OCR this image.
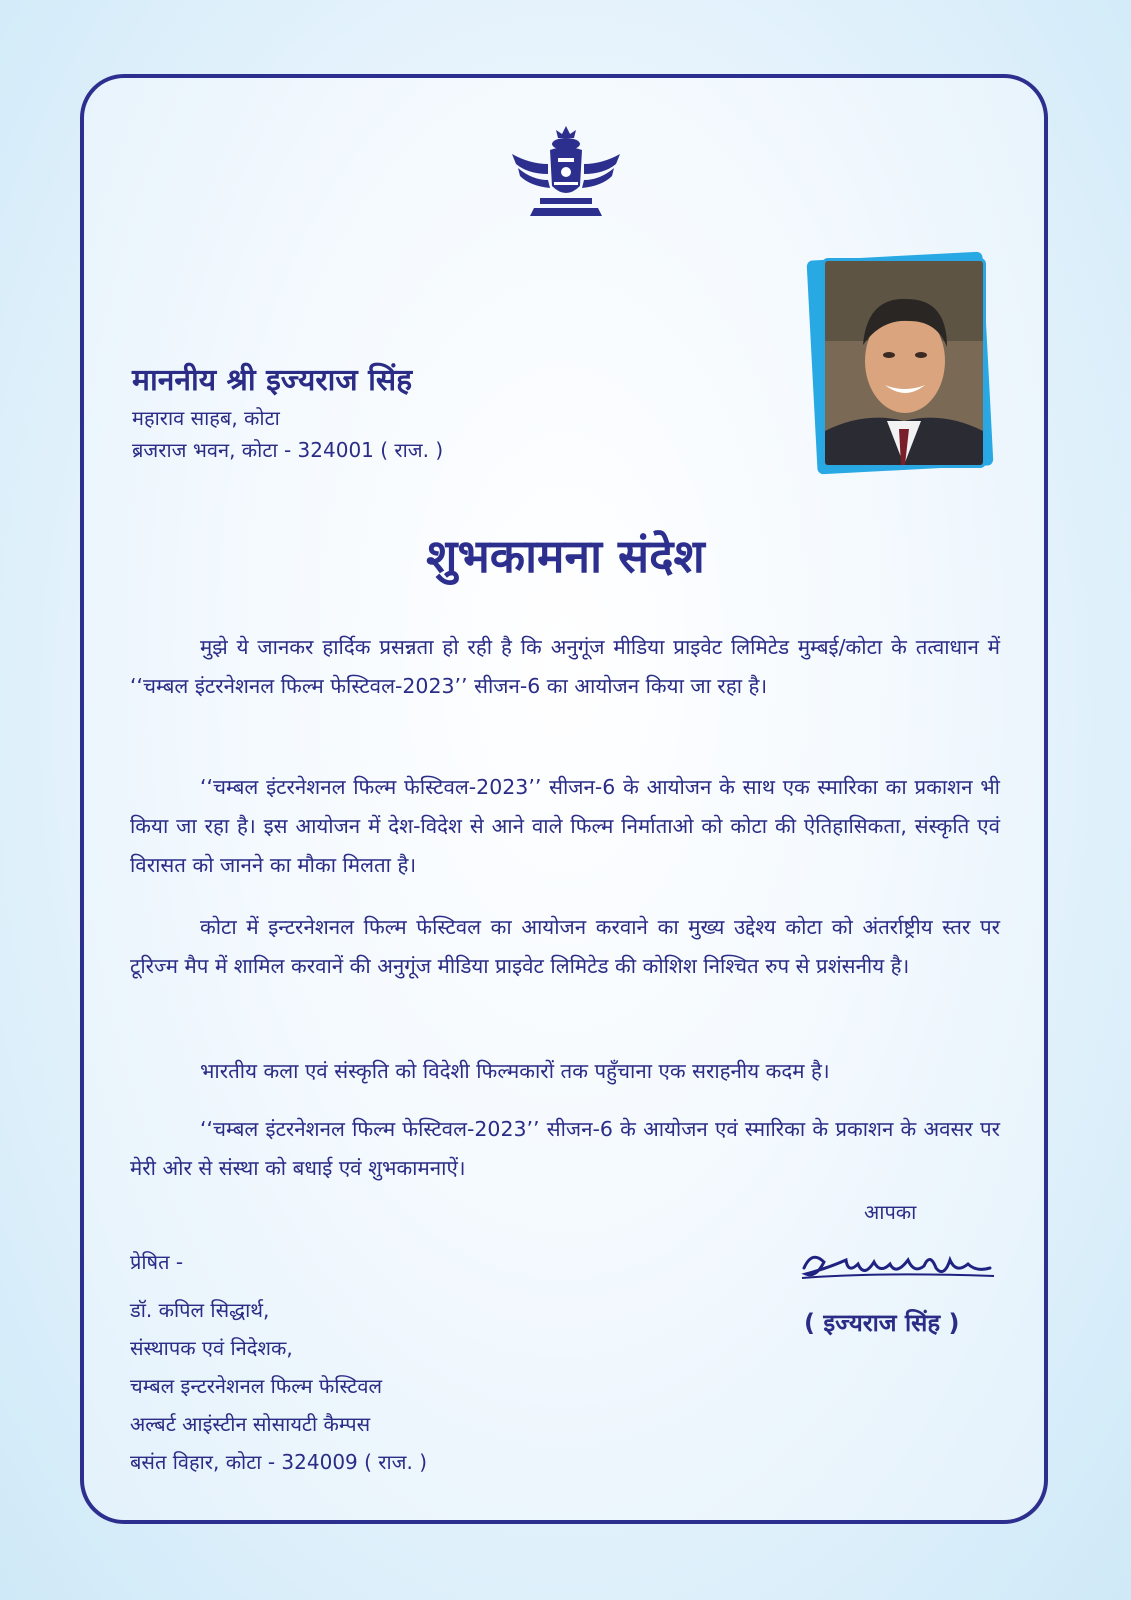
माननीय श्री इज्यराज सिंह
महाराव साहब, कोटा
ब्रजराज भवन, कोटा - 324001 ( राज. )
शुभकामना संदेश
मुझे ये जानकर हार्दिक प्रसन्नता हो रही है कि अनुगूंज मीडिया प्राइवेट लिमिटेड मुम्बई/कोटा के तत्वाधान में ‘‘चम्बल इंटरनेशनल फिल्म फेस्टिवल-2023’’ सीजन-6 का आयोजन किया जा रहा है।
‘‘चम्बल इंटरनेशनल फिल्म फेस्टिवल-2023’’ सीजन-6 के आयोजन के साथ एक स्मारिका का प्रकाशन भी किया जा रहा है। इस आयोजन में देश-विदेश से आने वाले फिल्म निर्माताओ को कोटा की ऐतिहासिकता, संस्कृति एवं विरासत को जानने का मौका मिलता है।
कोटा में इन्टरनेशनल फिल्म फेस्टिवल का आयोजन करवाने का मुख्य उद्देश्य कोटा को अंतर्राष्ट्रीय स्तर पर टूरिज्म मैप में शामिल करवानें की अनुगूंज मीडिया प्राइवेट लिमिटेड की कोशिश निश्चित रुप से प्रशंसनीय है।
भारतीय कला एवं संस्कृति को विदेशी फिल्मकारों तक पहुँचाना एक सराहनीय कदम है।
‘‘चम्बल इंटरनेशनल फिल्म फेस्टिवल-2023’’ सीजन-6 के आयोजन एवं स्मारिका के प्रकाशन के अवसर पर मेरी ओर से संस्था को बधाई एवं शुभकामनाऐं।
आपका
( इज्यराज सिंह )
प्रेषित -
डॉ. कपिल सिद्धार्थ,
संस्थापक एवं निदेशक,
चम्बल इन्टरनेशनल फिल्म फेस्टिवल
अल्बर्ट आइंस्टीन सोसायटी कैम्पस
बसंत विहार, कोटा - 324009 ( राज. )
